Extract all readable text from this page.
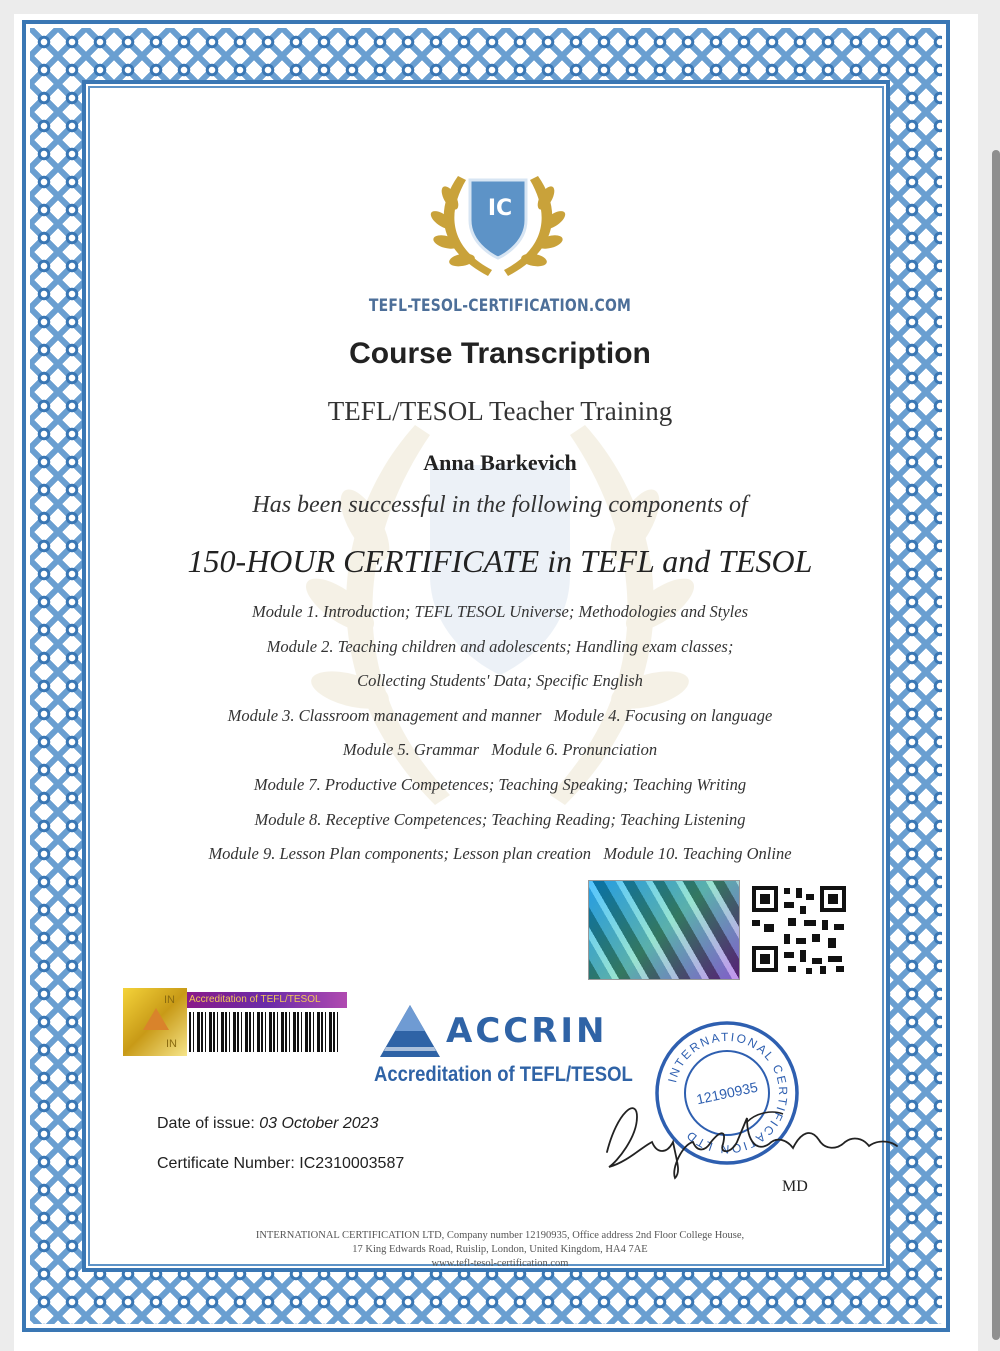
IC
TEFL-TESOL-CERTIFICATION.COM
Course Transcription
TEFL/TESOL Teacher Training
Anna Barkevich
Has been successful in the following components of
150-HOUR CERTIFICATE in TEFL and TESOL
Module 1. Introduction; TEFL TESOL Universe; Methodologies and Styles
Module 2. Teaching children and adolescents; Handling exam classes;
Collecting Students' Data; Specific English
Module 3. Classroom management and manner   Module 4. Focusing on language
Module 5. Grammar   Module 6. Pronunciation
Module 7. Productive Competences; Teaching Speaking; Teaching Writing
Module 8. Receptive Competences; Teaching Reading; Teaching Listening
Module 9. Lesson Plan components; Lesson plan creation   Module 10. Teaching Online
IN
IN
Accreditation of TEFL/TESOL
ACCRIN
Accreditation of TEFL/TESOL	INTERNATIONAL CERTIFICATION LTD
12190935
MD
Date of issue: 03 October 2023
Certificate Number: IC2310003587
INTERNATIONAL CERTIFICATION LTD, Company number 12190935, Office address 2nd Floor College House,
17 King Edwards Road, Ruislip, London, United Kingdom, HA4 7AE
www.tefl-tesol-certification.com
